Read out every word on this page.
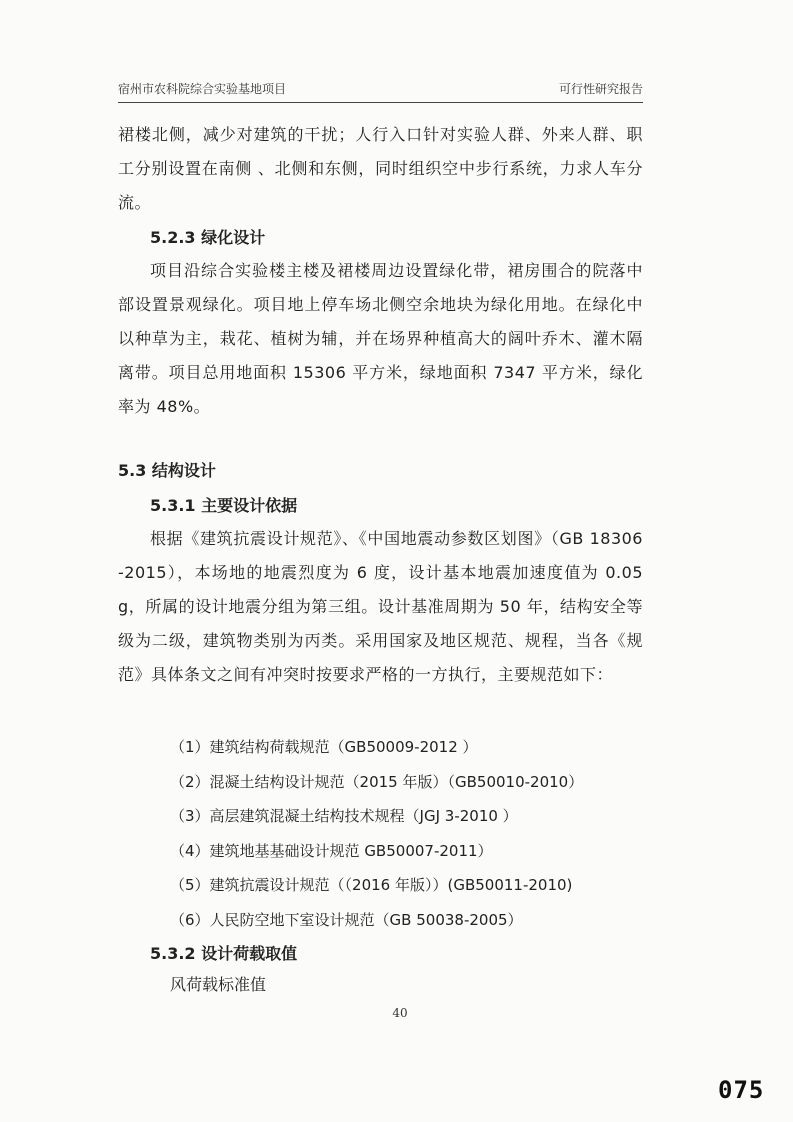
宿州市农科院综合实验基地项目	可行性研究报告

裙楼北侧，减少对建筑的干扰；人行入口针对实验人群、外来人群、职工分别设置在南侧 、北侧和东侧，同时组织空中步行系统，力求人车分流。

5.2.3 绿化设计

项目沿综合实验楼主楼及裙楼周边设置绿化带，裙房围合的院落中部设置景观绿化。项目地上停车场北侧空余地块为绿化用地。在绿化中以种草为主，栽花、植树为辅，并在场界种植高大的阔叶乔木、灌木隔离带。项目总用地面积 15306 平方米，绿地面积 7347 平方米，绿化率为 48%。

5.3 结构设计
5.3.1 主要设计依据

根据《建筑抗震设计规范》、《中国地震动参数区划图》（GB 18306-2015），本场地的地震烈度为 6 度，设计基本地震加速度值为 0.05g，所属的设计地震分组为第三组。设计基准周期为 50 年，结构安全等级为二级，建筑物类别为丙类。采用国家及地区规范、规程，当各《规范》具体条文之间有冲突时按要求严格的一方执行，主要规范如下：

（1）建筑结构荷载规范（GB50009-2012 ）
（2）混凝土结构设计规范（2015 年版）（GB50010-2010）
（3）高层建筑混凝土结构技术规程（JGJ 3-2010 ）
（4）建筑地基基础设计规范 GB50007-2011）
（5）建筑抗震设计规范（（2016 年版））(GB50011-2010)
（6）人民防空地下室设计规范（GB 50038-2005）
5.3.2 设计荷载取值

风荷载标准值

40
075
